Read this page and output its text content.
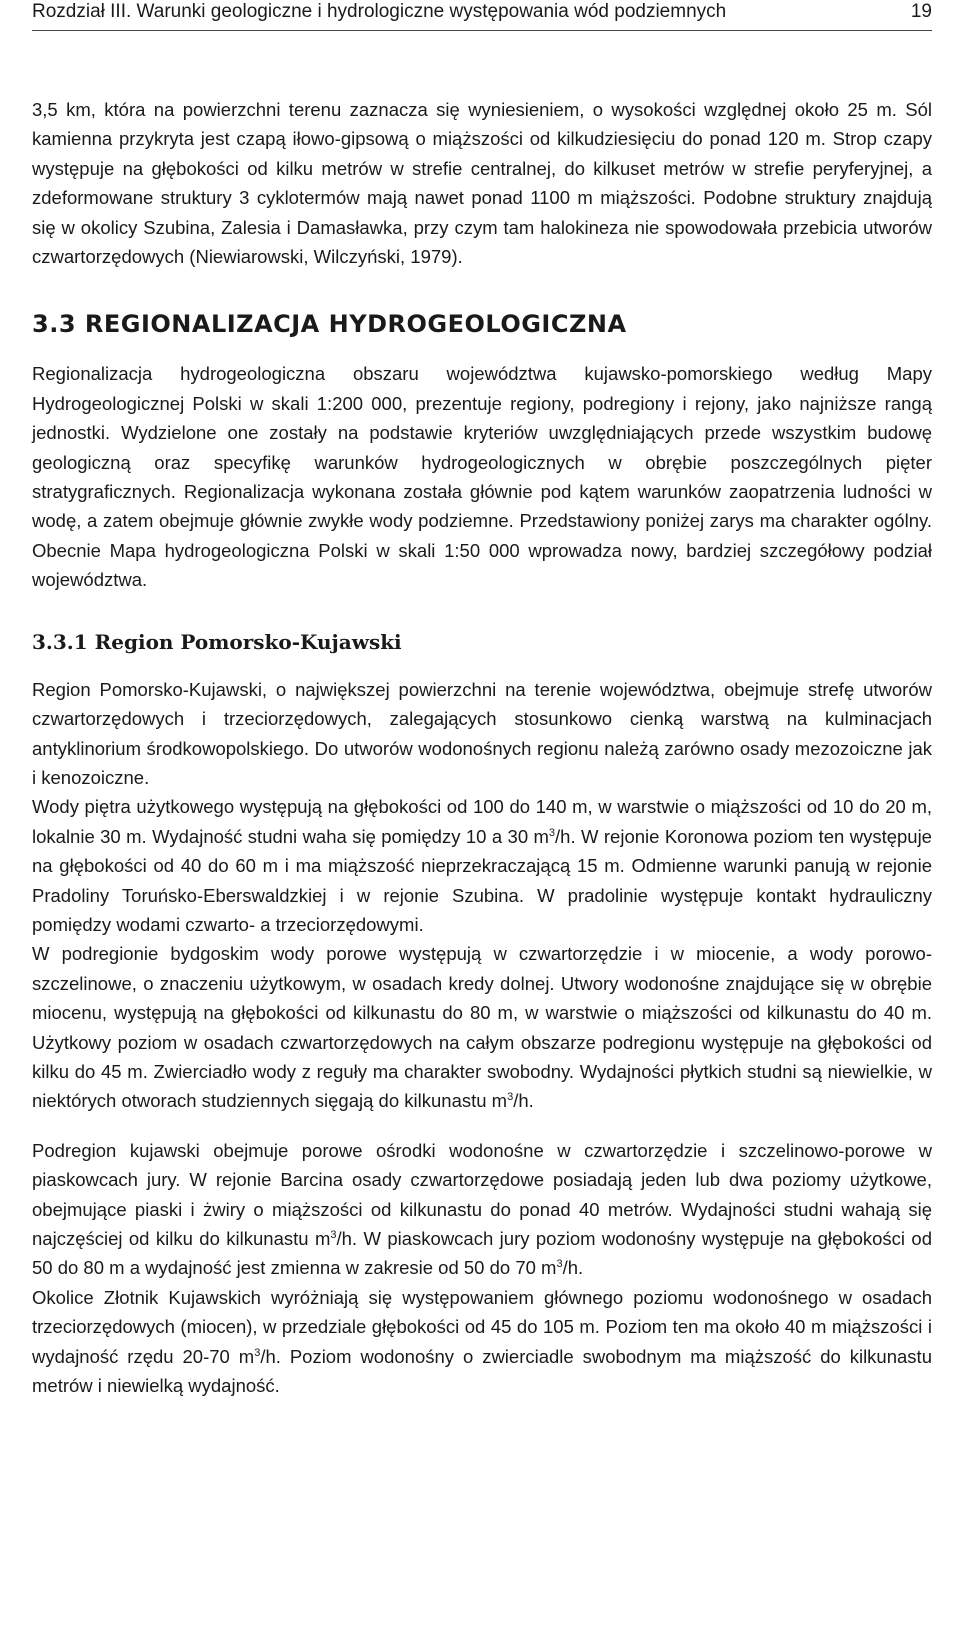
Rozdział III. Warunki geologiczne i hydrologiczne występowania wód podziemnych	19

3,5 km, która na powierzchni terenu zaznacza się wyniesieniem, o wysokości względnej około 25 m. Sól kamienna przykryta jest czapą iłowo-gipsową o miąższości od kilkudziesięciu do ponad 120 m. Strop czapy występuje na głębokości od kilku metrów w strefie centralnej, do kilkuset metrów w strefie peryferyjnej, a zdeformowane struktury 3 cyklotermów mają nawet ponad 1100 m miąższości. Podobne struktury znajdują się w okolicy Szubina, Zalesia i Damasławka, przy czym tam halokineza nie spowodowała przebicia utworów czwartorzędowych (Niewiarowski, Wilczyński, 1979).

3.3 REGIONALIZACJA HYDROGEOLOGICZNA

Regionalizacja hydrogeologiczna obszaru województwa kujawsko-pomorskiego według Mapy Hydrogeologicznej Polski w skali 1:200 000, prezentuje regiony, podregiony i rejony, jako najniższe rangą jednostki. Wydzielone one zostały na podstawie kryteriów uwzględniających przede wszystkim budowę geologiczną oraz specyfikę warunków hydrogeologicznych w obrębie poszczególnych pięter stratygraficznych. Regionalizacja wykonana została głównie pod kątem warunków zaopatrzenia ludności w wodę, a zatem obejmuje głównie zwykłe wody podziemne. Przedstawiony poniżej zarys ma charakter ogólny. Obecnie Mapa hydrogeologiczna Polski w skali 1:50 000 wprowadza nowy, bardziej szczegółowy podział województwa.

3.3.1 Region Pomorsko-Kujawski

Region Pomorsko-Kujawski, o największej powierzchni na terenie województwa, obejmuje strefę utworów czwartorzędowych i trzeciorzędowych, zalegających stosunkowo cienką warstwą na kulminacjach antyklinorium środkowopolskiego. Do utworów wodonośnych regionu należą zarówno osady mezozoiczne jak i kenozoiczne.

Wody piętra użytkowego występują na głębokości od 100 do 140 m, w warstwie o miąższości od 10 do 20 m, lokalnie 30 m. Wydajność studni waha się pomiędzy 10 a 30 $m^3/h$. W rejonie Koronowa poziom ten występuje na głębokości od 40 do 60 m i ma miąższość nieprzekraczającą 15 m. Odmienne warunki panują w rejonie Pradoliny Toruńsko-Eberswaldzkiej i w rejonie Szubina. W pradolinie występuje kontakt hydrauliczny pomiędzy wodami czwarto- a trzeciorzędowymi.

W podregionie bydgoskim wody porowe występują w czwartorzędzie i w miocenie, a wody porowo-szczelinowe, o znaczeniu użytkowym, w osadach kredy dolnej. Utwory wodonośne znajdujące się w obrębie miocenu, występują na głębokości od kilkunastu do 80 m, w warstwie o miąższości od kilkunastu do 40 m. Użytkowy poziom w osadach czwartorzędowych na całym obszarze podregionu występuje na głębokości od kilku do 45 m. Zwierciadło wody z reguły ma charakter swobodny. Wydajności płytkich studni są niewielkie, w niektórych otworach studziennych sięgają do kilkunastu $m^3/h$.

Podregion kujawski obejmuje porowe ośrodki wodonośne w czwartorzędzie i szczelinowo-porowe w piaskowcach jury. W rejonie Barcina osady czwartorzędowe posiadają jeden lub dwa poziomy użytkowe, obejmujące piaski i żwiry o miąższości od kilkunastu do ponad 40 metrów. Wydajności studni wahają się najczęściej od kilku do kilkunastu $m^3/h$. W piaskowcach jury poziom wodonośny występuje na głębokości od 50 do 80 m a wydajność jest zmienna w zakresie od 50 do 70 $m^3/h$.

Okolice Złotnik Kujawskich wyróżniają się występowaniem głównego poziomu wodonośnego w osadach trzeciorzędowych (miocen), w przedziale głębokości od 45 do 105 m. Poziom ten ma około 40 m miąższości i wydajność rzędu 20-70 $m^3/h$. Poziom wodonośny o zwierciadle swobodnym ma miąższość do kilkunastu metrów i niewielką wydajność.
